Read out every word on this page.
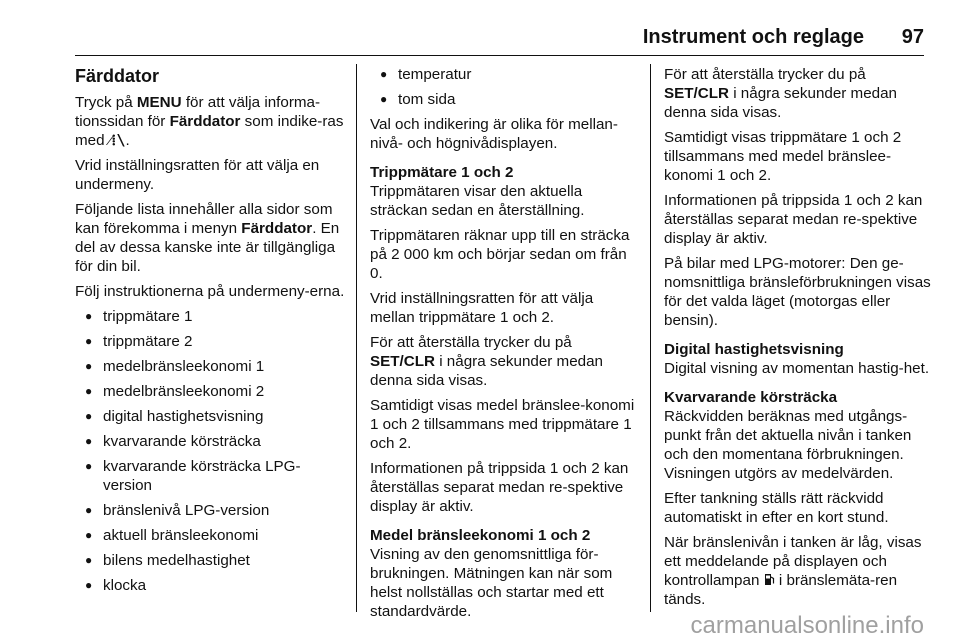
Instrument och reglage 97
Färddator

Tryck på MENU för att välja informa-tionssidan för Färddator som indike-ras med ⁄⁞\.

Vrid inställningsratten för att välja en undermeny.

Följande lista innehåller alla sidor som kan förekomma i menyn Färddator. En del av dessa kanske inte är tillgängliga för din bil.

Följ instruktionerna på undermeny-erna.

● trippmätare 1
● trippmätare 2
● medelbränsleekonomi 1
● medelbränsleekonomi 2
● digital hastighetsvisning
● kvarvarande körsträcka
● kvarvarande körsträcka LPG-version
● bränslenivå LPG-version
● aktuell bränsleekonomi
● bilens medelhastighet
● klocka
● temperatur
● tom sida

Val och indikering är olika för mellan-nivå- och högnivådisplayen.

Trippmätare 1 och 2

Trippmätaren visar den aktuella sträckan sedan en återställning.

Trippmätaren räknar upp till en sträcka på 2 000 km och börjar sedan om från 0.

Vrid inställningsratten för att välja mellan trippmätare 1 och 2.

För att återställa trycker du på SET/CLR i några sekunder medan denna sida visas.

Samtidigt visas medel bränslee-konomi 1 och 2 tillsammans med trippmätare 1 och 2.

Informationen på trippsida 1 och 2 kan återställas separat medan re-spektive display är aktiv.

Medel bränsleekonomi 1 och 2

Visning av den genomsnittliga för-brukningen. Mätningen kan när som helst nollställas och startar med ett standardvärde.

För att återställa trycker du på SET/CLR i några sekunder medan denna sida visas.

Samtidigt visas trippmätare 1 och 2 tillsammans med medel bränslee-konomi 1 och 2.

Informationen på trippsida 1 och 2 kan återställas separat medan re-spektive display är aktiv.

På bilar med LPG-motorer: Den ge-nomsnittliga bränsleförbrukningen visas för det valda läget (motorgas eller bensin).

Digital hastighetsvisning

Digital visning av momentan hastig-het.

Kvarvarande körsträcka

Räckvidden beräknas med utgångs-punkt från det aktuella nivån i tanken och den momentana förbrukningen. Visningen utgörs av medelvärden.

Efter tankning ställs rätt räckvidd automatiskt in efter en kort stund.

När bränslenivån i tanken är låg, visas ett meddelande på displayen och kontrollampan  i bränslemäta-ren tänds.

carmanualsonline.info
